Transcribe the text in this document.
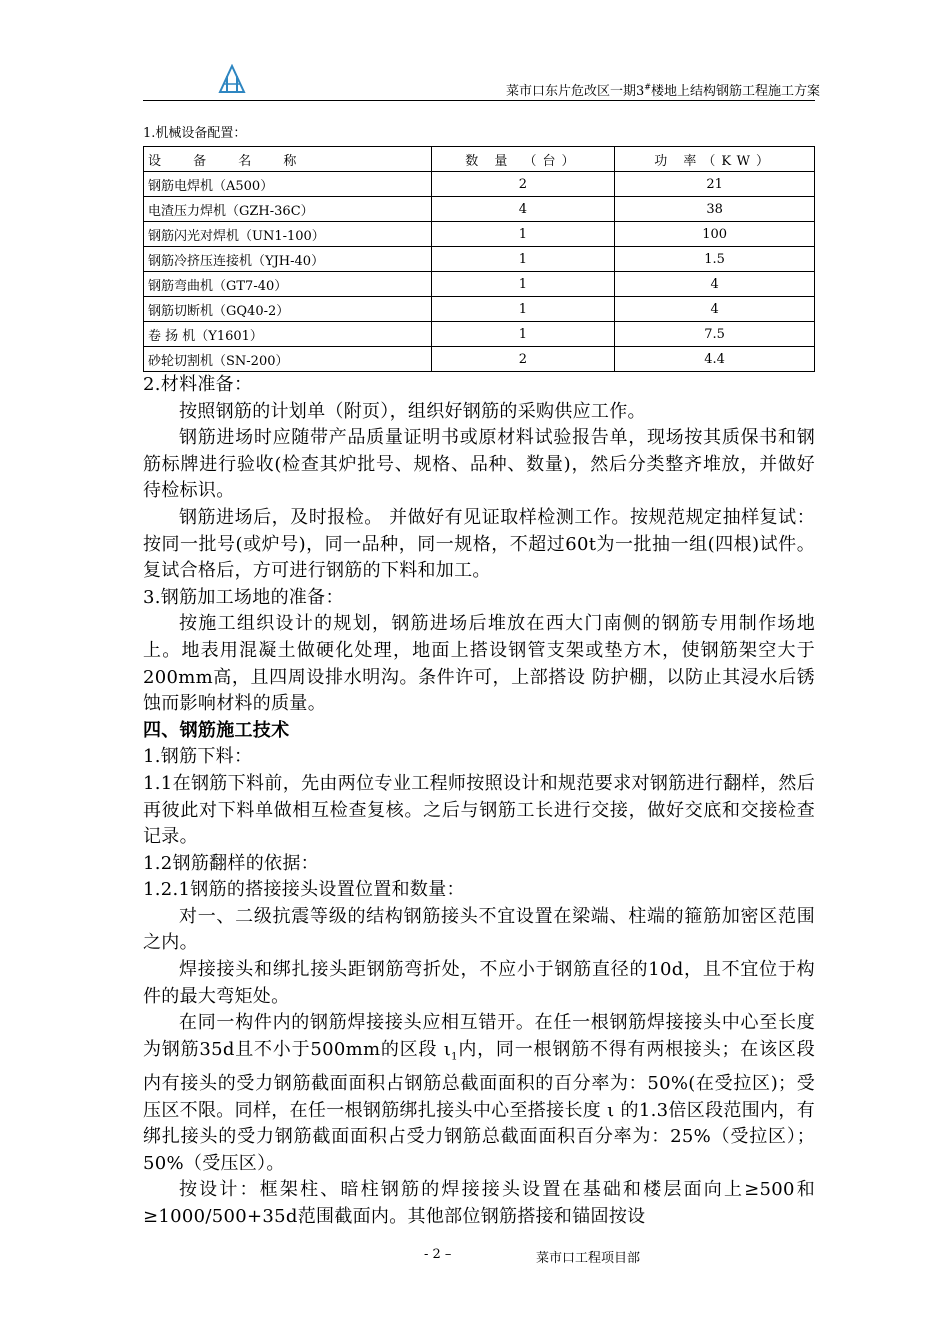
菜市口东片危改区一期3#楼地上结构钢筋工程施工方案
1.机械设备配置：
设 备 名 称	数 量 （台）	功 率（KW）
钢筋电焊机（A500）	2	21
电渣压力焊机（GZH-36C）	4	38
钢筋闪光对焊机（UN1-100）	1	100
钢筋冷挤压连接机（YJH-40）	1	1.5
钢筋弯曲机（GT7-40）	1	4
钢筋切断机（GQ40-2）	1	4
卷 扬 机（Y1601）	1	7.5
砂轮切割机（SN-200）	2	4.4

2.材料准备：

按照钢筋的计划单（附页），组织好钢筋的采购供应工作。

钢筋进场时应随带产品质量证明书或原材料试验报告单，现场按其质保书和钢筋标牌进行验收(检查其炉批号、规格、品种、数量)，然后分类整齐堆放，并做好待检标识。

钢筋进场后，及时报检。 并做好有见证取样检测工作。按规范规定抽样复试：按同一批号(或炉号)，同一品种，同一规格，不超过60t为一批抽一组(四根)试件。复试合格后，方可进行钢筋的下料和加工。

3.钢筋加工场地的准备：

按施工组织设计的规划，钢筋进场后堆放在西大门南侧的钢筋专用制作场地上。地表用混凝土做硬化处理，地面上搭设钢管支架或垫方木，使钢筋架空大于200mm高，且四周设排水明沟。条件许可，上部搭设 防护棚，以防止其浸水后锈蚀而影响材料的质量。

四、钢筋施工技术

1.钢筋下料：

1.1在钢筋下料前，先由两位专业工程师按照设计和规范要求对钢筋进行翻样，然后再彼此对下料单做相互检查复核。之后与钢筋工长进行交接，做好交底和交接检查记录。

1.2钢筋翻样的依据：

1.2.1钢筋的搭接接头设置位置和数量：

对一、二级抗震等级的结构钢筋接头不宜设置在梁端、柱端的箍筋加密区范围之内。

焊接接头和绑扎接头距钢筋弯折处，不应小于钢筋直径的10d，且不宜位于构件的最大弯矩处。

在同一构件内的钢筋焊接接头应相互错开。在任一根钢筋焊接接头中心至长度为钢筋35d且不小于500mm的区段 $\iota_1$内，同一根钢筋不得有两根接头；在该区段内有接头的受力钢筋截面面积占钢筋总截面面积的百分率为：50%(在受拉区)；受压区不限。同样，在任一根钢筋绑扎接头中心至搭接长度 ι 的1.3倍区段范围内，有绑扎接头的受力钢筋截面面积占受力钢筋总截面面积百分率为：25%（受拉区）；50%（受压区）。

按设计：框架柱、暗柱钢筋的焊接接头设置在基础和楼层面向上≥500和≥1000/500+35d范围截面内。其他部位钢筋搭接和锚固按设

- 2 –	菜市口工程项目部
